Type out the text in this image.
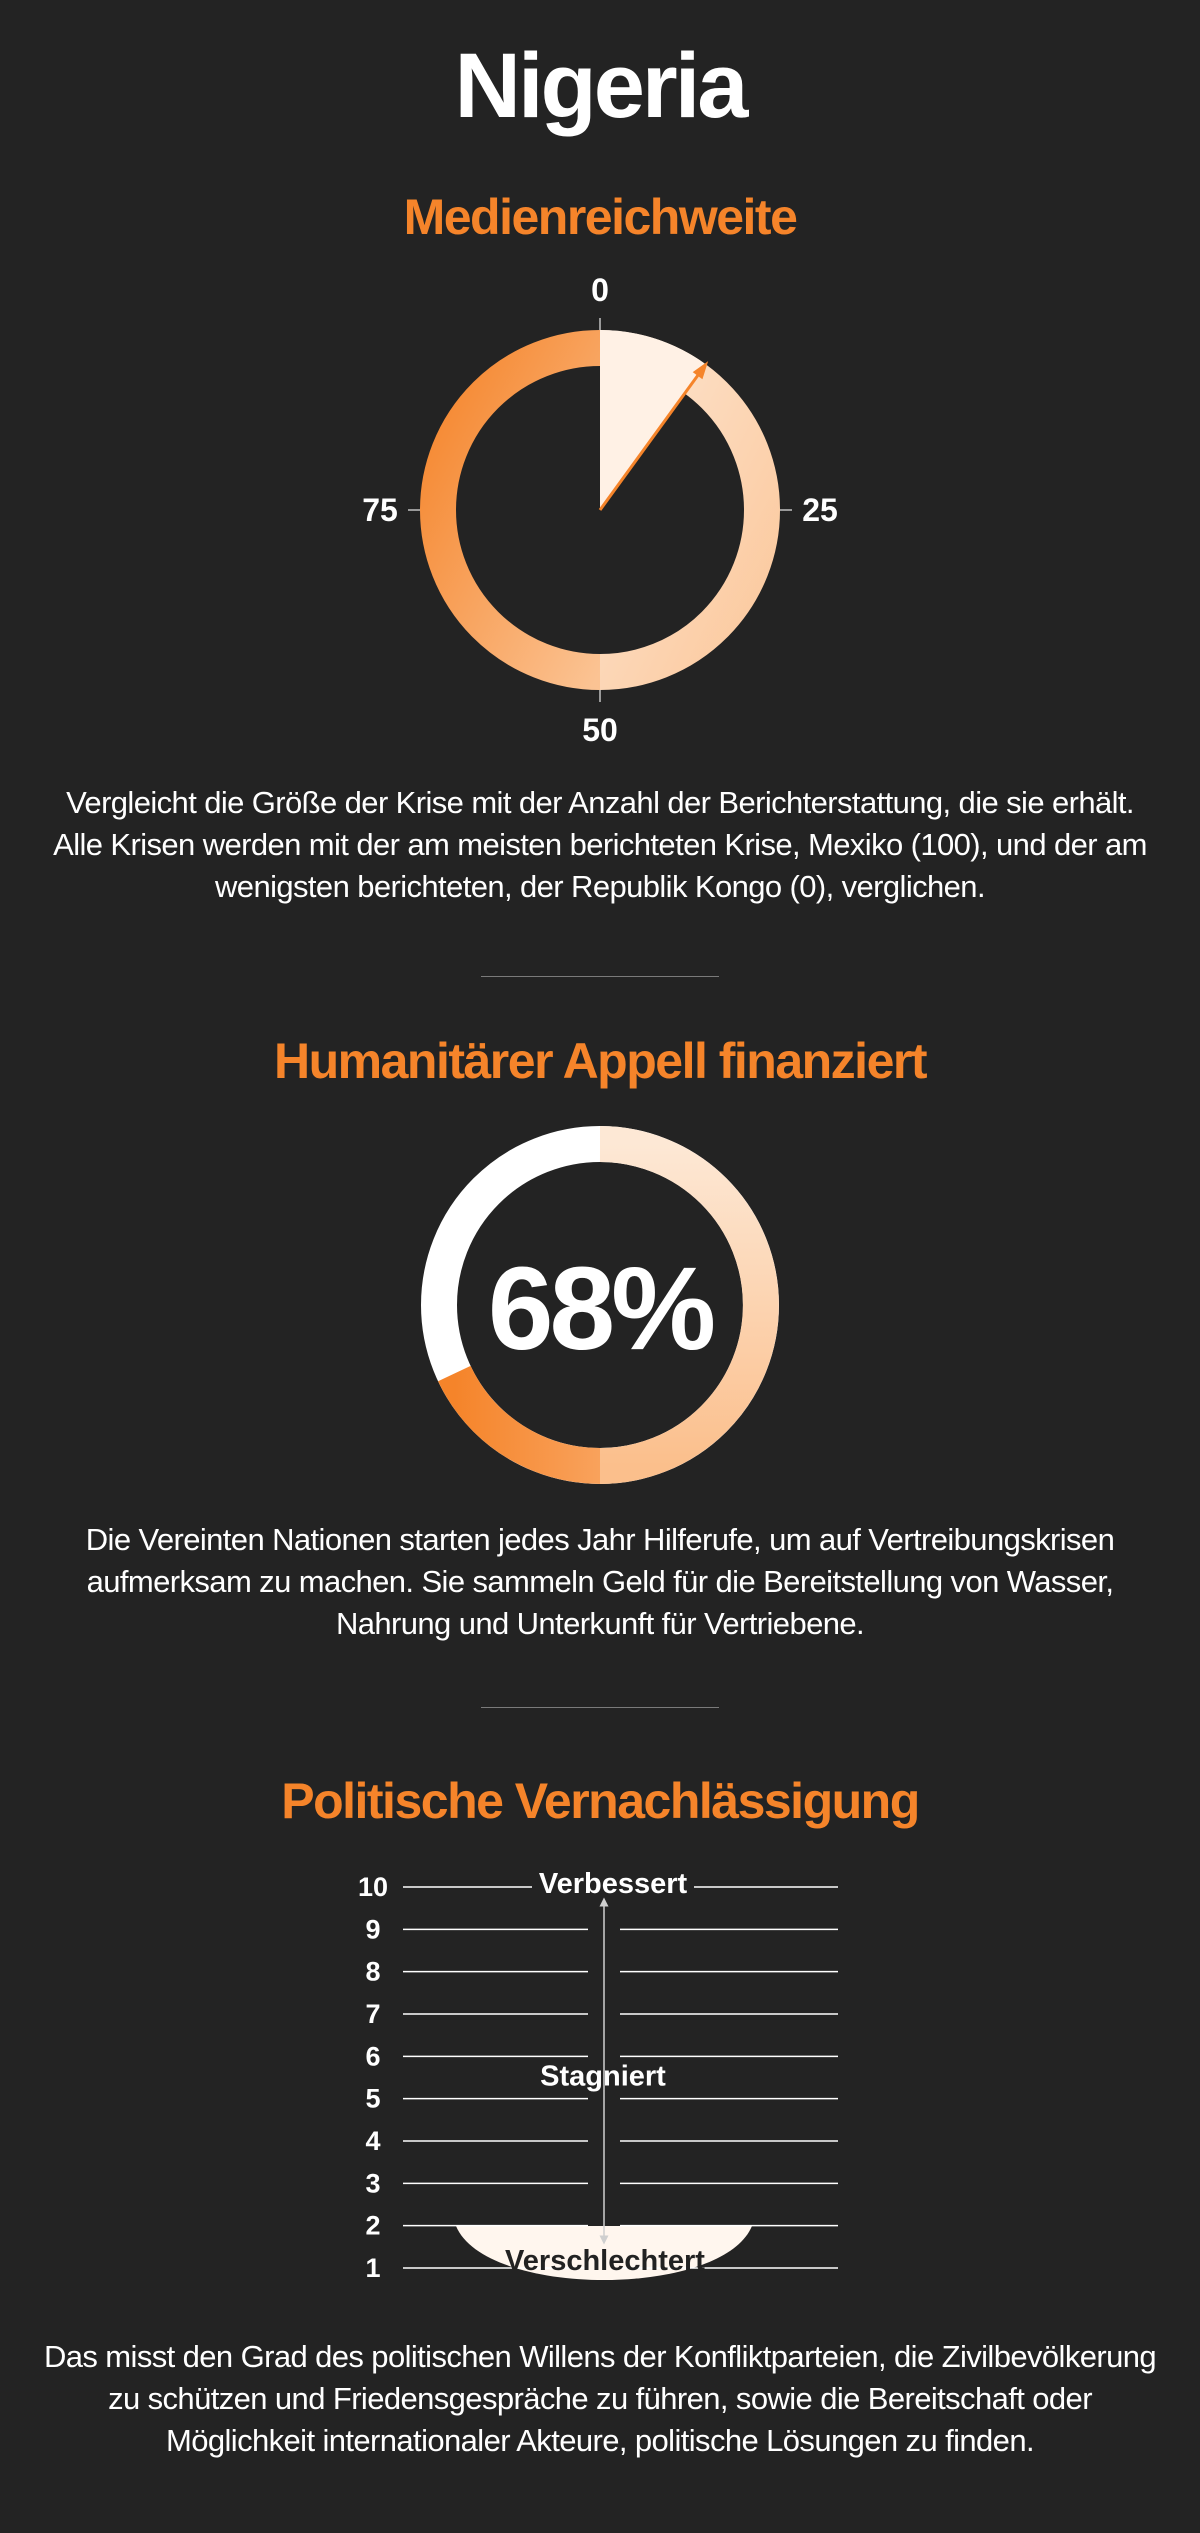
Nigeria
Medienreichweite
0
25
50
75
Vergleicht die Größe der Krise mit der Anzahl der Berichterstattung, die sie erhält. Alle Krisen werden mit der am meisten berichteten Krise, Mexiko (100), und der am wenigsten berichteten, der Republik Kongo (0), verglichen.
Humanitärer Appell finanziert
68%
Die Vereinten Nationen starten jedes Jahr Hilferufe, um auf Vertreibungskrisen aufmerksam zu machen. Sie sammeln Geld für die Bereitstellung von Wasser, Nahrung und Unterkunft für Vertriebene.
Politische Vernachlässigung
1
2
3
4
5
6
7
8
9
10	Verbessert
Stagniert
Verschlechtert
Das misst den Grad des politischen Willens der Konfliktparteien, die Zivilbevölkerung zu schützen und Friedensgespräche zu führen, sowie die Bereitschaft oder Möglichkeit internationaler Akteure, politische Lösungen zu finden.
